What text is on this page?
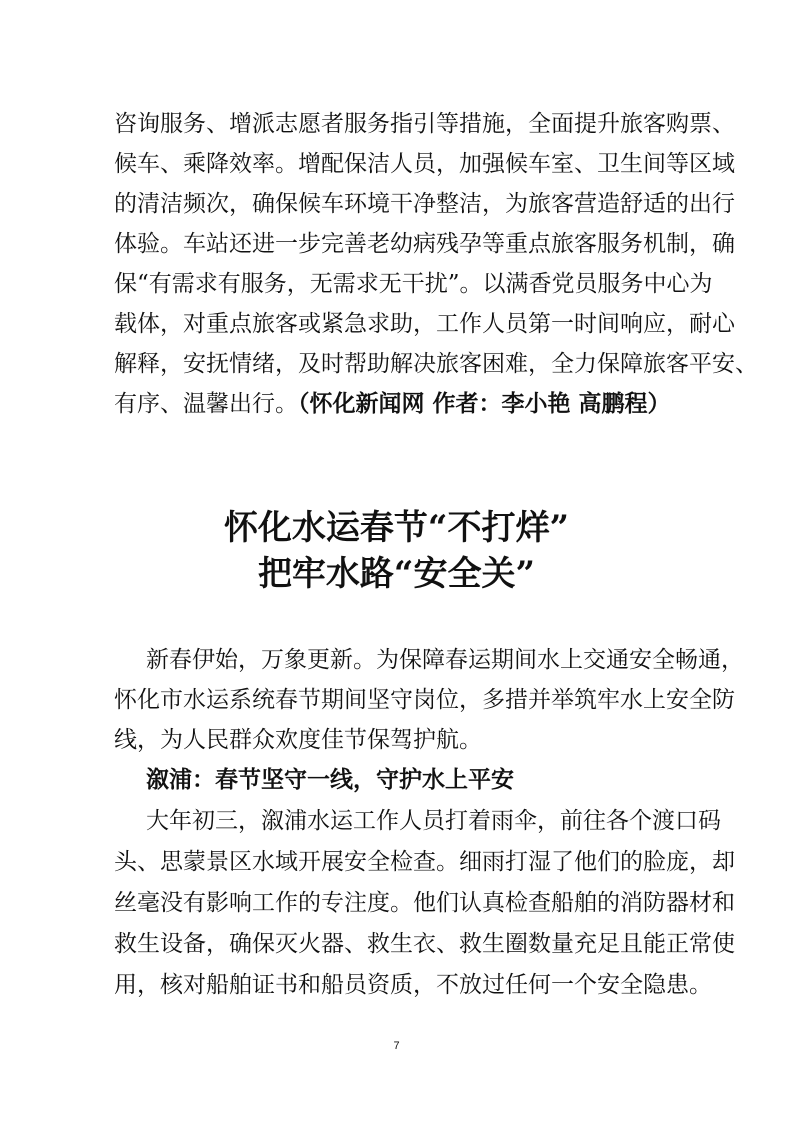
咨询服务、增派志愿者服务指引等措施，全面提升旅客购票、
候车、乘降效率。增配保洁人员，加强候车室、卫生间等区域
的清洁频次，确保候车环境干净整洁，为旅客营造舒适的出行
体验。车站还进一步完善老幼病残孕等重点旅客服务机制，确
保“有需求有服务，无需求无干扰”。以满香党员服务中心为
载体，对重点旅客或紧急求助，工作人员第一时间响应，耐心
解释，安抚情绪，及时帮助解决旅客困难，全力保障旅客平安、
有序、温馨出行。（怀化新闻网 作者：李小艳 高鹏程）
怀化水运春节“不打烊”
把牢水路“安全关”
新春伊始，万象更新。为保障春运期间水上交通安全畅通，
怀化市水运系统春节期间坚守岗位，多措并举筑牢水上安全防
线，为人民群众欢度佳节保驾护航。
溆浦：春节坚守一线，守护水上平安
大年初三，溆浦水运工作人员打着雨伞，前往各个渡口码
头、思蒙景区水域开展安全检查。细雨打湿了他们的脸庞，却
丝毫没有影响工作的专注度。他们认真检查船舶的消防器材和
救生设备，确保灭火器、救生衣、救生圈数量充足且能正常使
用，核对船舶证书和船员资质，不放过任何一个安全隐患。
7
